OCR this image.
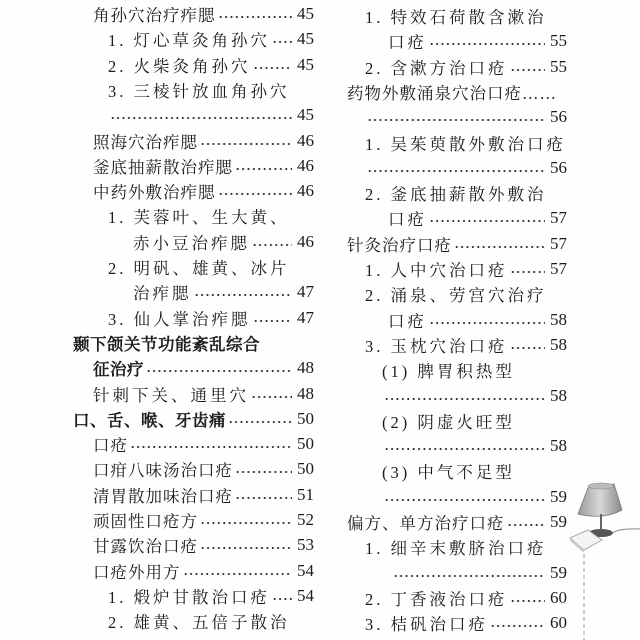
角孙穴治疗痄腮	45
1. 灯心草灸角孙穴 45
2. 火柴灸角孙穴	45
3. 三棱针放血角孙穴
45
照海穴治痄腮	46
釜底抽薪散治痄腮	46
中药外敷治痄腮	46
1. 芙蓉叶、生大黄、
赤小豆治痄腮	46
2. 明矾、雄黄、冰片
治痄腮	47
3. 仙人掌治痄腮	47
颞下颌关节功能紊乱综合
征治疗	48
针刺下关、通里穴	48
口、舌、喉、牙齿痛	50
口疮	50
口疳八味汤治口疮	50
清胃散加味治口疮	51
顽固性口疮方	52
甘露饮治口疮	53
口疮外用方	54
1. 煅炉甘散治口疮 54
2. 雄黄、五倍子散治
1. 特效石荷散含漱治
口疮	55
2. 含漱方治口疮	55
药物外敷涌泉穴治口疮……
56
1. 吴茱萸散外敷治口疮
56
2. 釜底抽薪散外敷治
口疮	57
针灸治疗口疮	57
1. 人中穴治口疮	57
2. 涌泉、劳宫穴治疗
口疮	58
3. 玉枕穴治口疮	58
(1) 脾胃积热型
58
(2) 阴虚火旺型
58
(3) 中气不足型
59
偏方、单方治疗口疮	59
1. 细辛末敷脐治口疮
59
2. 丁香液治口疮	60
3. 桔矾治口疮	60
